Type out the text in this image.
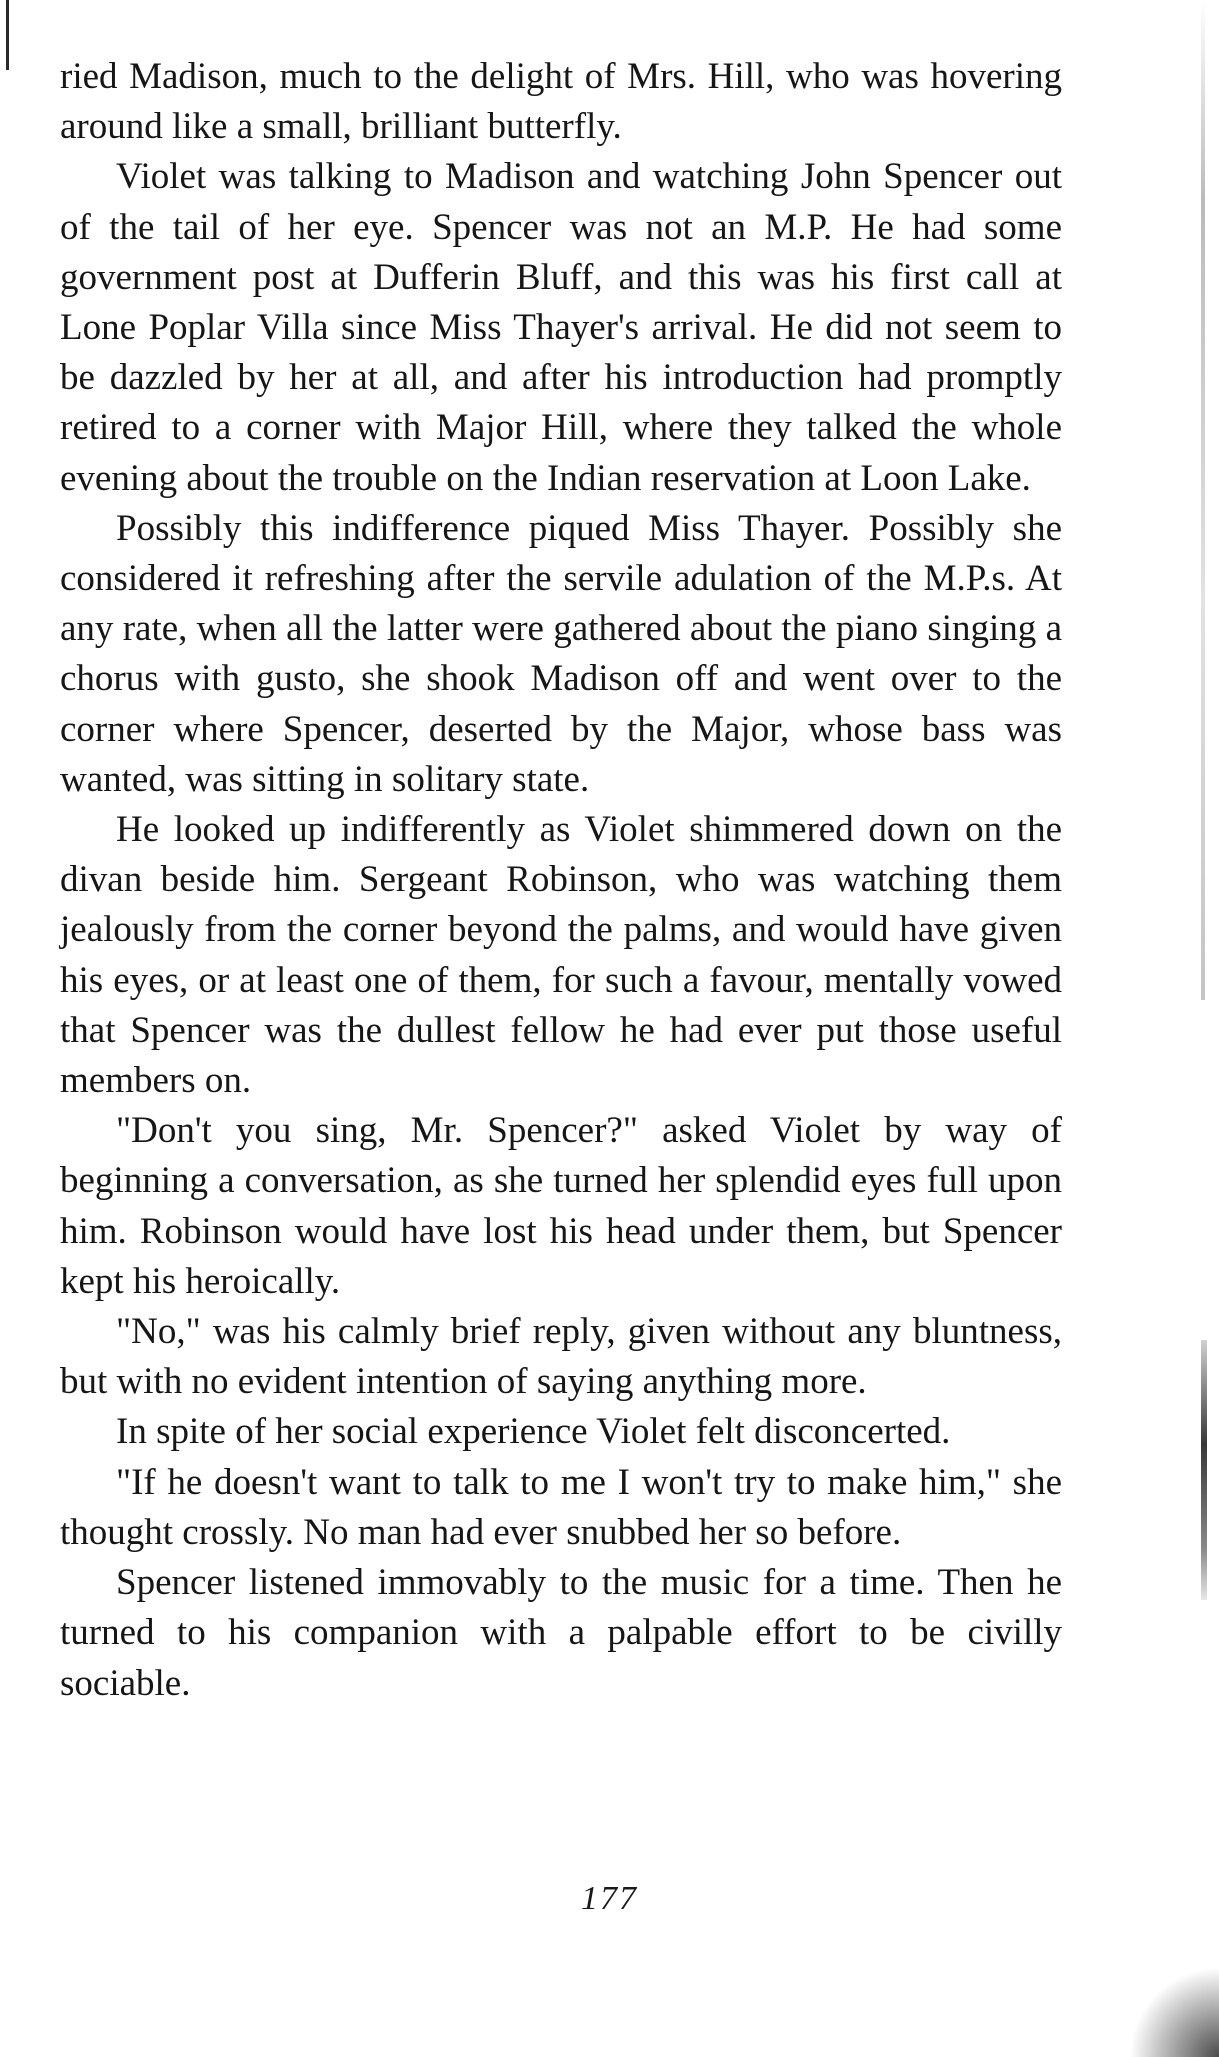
ried Madison, much to the delight of Mrs. Hill, who was hovering around like a small, brilliant butterfly.

Violet was talking to Madison and watching John Spencer out of the tail of her eye. Spencer was not an M.P. He had some government post at Dufferin Bluff, and this was his first call at Lone Poplar Villa since Miss Thayer's arrival. He did not seem to be dazzled by her at all, and after his introduction had promptly retired to a corner with Major Hill, where they talked the whole evening about the trouble on the Indian reservation at Loon Lake.

Possibly this indifference piqued Miss Thayer. Possibly she considered it refreshing after the servile adulation of the M.P.s. At any rate, when all the latter were gathered about the piano singing a chorus with gusto, she shook Madison off and went over to the corner where Spencer, deserted by the Major, whose bass was wanted, was sitting in solitary state.

He looked up indifferently as Violet shimmered down on the divan beside him. Sergeant Robinson, who was watching them jealously from the corner beyond the palms, and would have given his eyes, or at least one of them, for such a favour, mentally vowed that Spencer was the dullest fellow he had ever put those useful members on.

"Don't you sing, Mr. Spencer?" asked Violet by way of beginning a conversation, as she turned her splendid eyes full upon him. Robinson would have lost his head under them, but Spencer kept his heroically.

"No," was his calmly brief reply, given without any bluntness, but with no evident intention of saying anything more.

In spite of her social experience Violet felt disconcerted.

"If he doesn't want to talk to me I won't try to make him," she thought crossly. No man had ever snubbed her so before.

Spencer listened immovably to the music for a time. Then he turned to his companion with a palpable effort to be civilly sociable.

177
